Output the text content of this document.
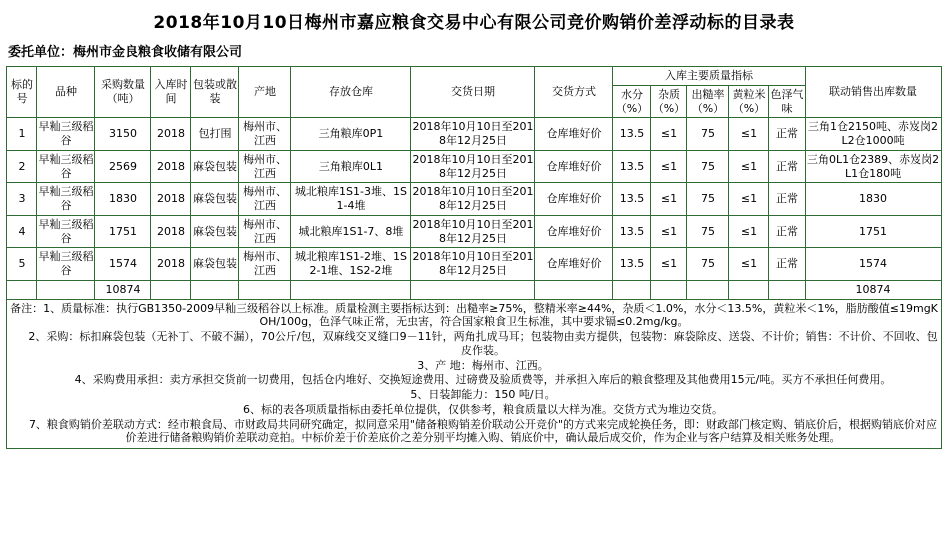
2018年10月10日梅州市嘉应粮食交易中心有限公司竞价购销价差浮动标的目录表
委托单位：梅州市金良粮食收储有限公司
标的号	品种	采购数量（吨）	入库时间	包装或散装	产地	存放仓库	交货日期	交货方式	入库主要质量指标					联动销售出库数量
									水分（%）	杂质（%）	出糙率（%）	黄粒米（%）	色泽气味	
1	早籼三级稻谷	3150	2018	包打围	梅州市、江西	三角粮库0P1	2018年10月10日至2018年12月25日	仓库堆好价	13.5	≤1	75	≤1	正常	三角1仓2150吨、赤岌岗2L2仓1000吨
2	早籼三级稻谷	2569	2018	麻袋包装	梅州市、江西	三角粮库0L1	2018年10月10日至2018年12月25日	仓库堆好价	13.5	≤1	75	≤1	正常	三角0L1仓2389、赤岌岗2L1仓180吨
3	早籼三级稻谷	1830	2018	麻袋包装	梅州市、江西	城北粮库1S1-3堆、1S1-4堆	2018年10月10日至2018年12月25日	仓库堆好价	13.5	≤1	75	≤1	正常	1830
4	早籼三级稻谷	1751	2018	麻袋包装	梅州市、江西	城北粮库1S1-7、8堆	2018年10月10日至2018年12月25日	仓库堆好价	13.5	≤1	75	≤1	正常	1751
5	早籼三级稻谷	1574	2018	麻袋包装	梅州市、江西	城北粮库1S1-2堆、1S2-1堆、1S2-2堆	2018年10月10日至2018年12月25日	仓库堆好价	13.5	≤1	75	≤1	正常	1574
		10874												10874

备注：1、质量标准：执行GB1350-2009早籼三级稻谷以上标准。质量检测主要指标达到：出糙率≥75%，整精米率≥44%，杂质＜1.0%，水分＜13.5%，黄粒米＜1%，脂肪酸值≤19mgKOH/100g，色泽气味正常，无虫害，符合国家粮食卫生标准，其中要求镉≤0.2mg/kg。

2、采购：标扣麻袋包装（无补丁、不破不漏），70公斤/包，双麻线交叉缝口9－11针，两角扎成马耳；包装物由卖方提供，包装物：麻袋除皮、送袋、不计价；销售：不计价、不回收、包皮作装。

3、产 地：梅州市、江西。

4、采购费用承担：卖方承担交货前一切费用，包括仓内堆好、交换短途费用、过磅费及验质费等，并承担入库后的粮食整理及其他费用15元/吨。买方不承担任何费用。

5、日装卸能力：150 吨/日。

6、标的表各项质量指标由委托单位提供，仅供参考，粮食质量以大样为准。交货方式为堆边交货。

7、粮食购销价差联动方式：经市粮食局、市财政局共同研究确定，拟同意采用"储备粮购销差价联动公开竞价"的方式来完成轮换任务，即：财政部门核定购、销底价后，根据购销底价对应价差进行储备粮购销价差联动竞拍。中标价差于价差底价之差分别平均摊入购、销底价中，确认最后成交价，作为企业与客户结算及相关账务处理。
